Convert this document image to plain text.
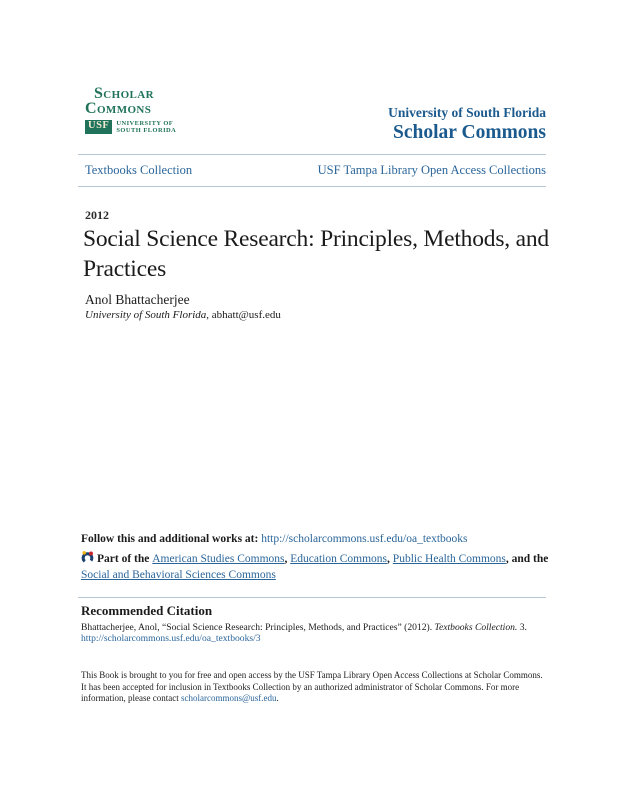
Scholar
Commons
USF	UNIVERSITY OF
SOUTH FLORIDA
University of South Florida
Scholar Commons
Textbooks Collection	USF Tampa Library Open Access Collections
2012
Social Science Research: Principles, Methods, and
Practices
Anol Bhattacherjee
University of South Florida, abhatt@usf.edu
Follow this and additional works at: http://scholarcommons.usf.edu/oa_textbooks
Part of the American Studies Commons, Education Commons, Public Health Commons, and the Social and Behavioral Sciences Commons
Recommended Citation
Bhattacherjee, Anol, “Social Science Research: Principles, Methods, and Practices” (2012). Textbooks Collection. 3.
http://scholarcommons.usf.edu/oa_textbooks/3
This Book is brought to you for free and open access by the USF Tampa Library Open Access Collections at Scholar Commons. It has been accepted for inclusion in Textbooks Collection by an authorized administrator of Scholar Commons. For more information, please contact scholarcommons@usf.edu.
